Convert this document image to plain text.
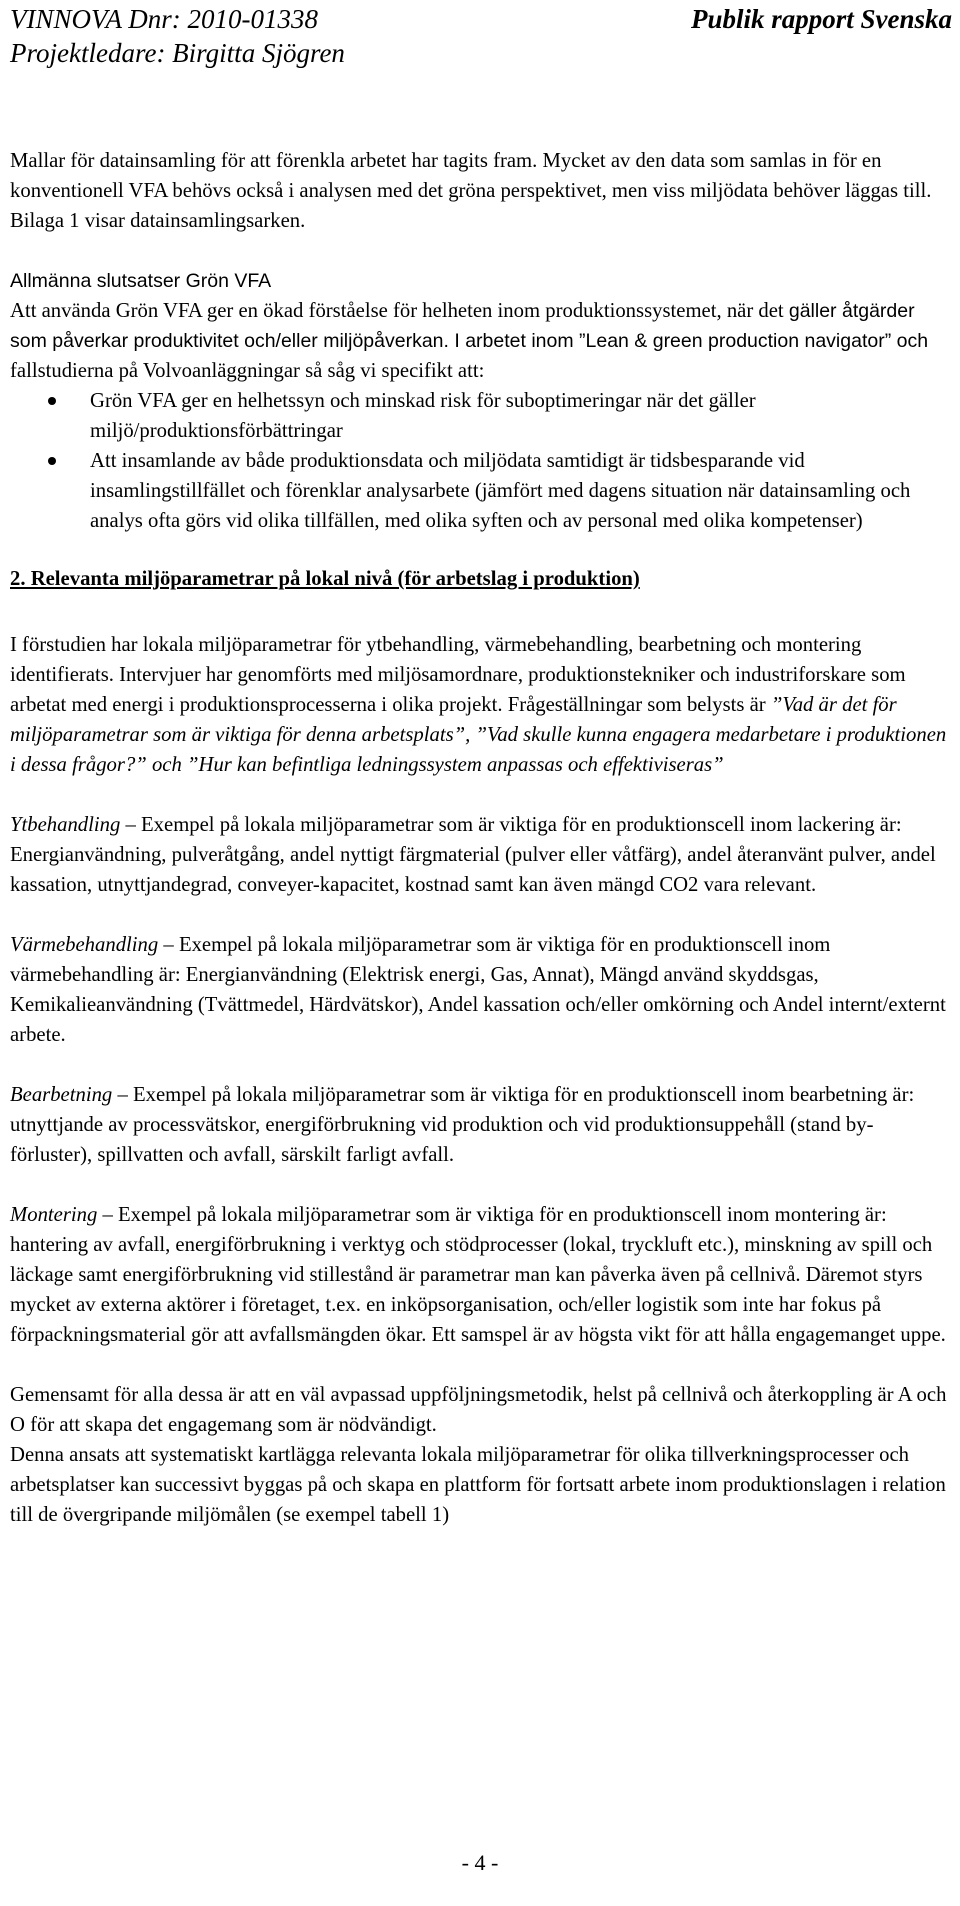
VINNOVA Dnr: 2010-01338
Projektledare: Birgitta Sjögren
Publik rapport Svenska

Mallar för datainsamling för att förenkla arbetet har tagits fram. Mycket av den data som samlas in för en konventionell VFA behövs också i analysen med det gröna perspektivet, men viss miljödata behöver läggas till. Bilaga 1 visar datainsamlingsarken.

Allmänna slutsatser Grön VFA

Att använda Grön VFA ger en ökad förståelse för helheten inom produktionssystemet, när det gäller åtgärder som påverkar produktivitet och/eller miljöpåverkan. I arbetet inom ”Lean & green production navigator” och fallstudierna på Volvoanläggningar så såg vi specifikt att:

Grön VFA ger en helhetssyn och minskad risk för suboptimeringar när det gäller miljö/produktionsförbättringar
Att insamlande av både produktionsdata och miljödata samtidigt är tidsbesparande vid insamlingstillfället och förenklar analysarbete (jämfört med dagens situation när datainsamling och analys ofta görs vid olika tillfällen, med olika syften och av personal med olika kompetenser)

2. Relevanta miljöparametrar på lokal nivå (för arbetslag i produktion)

I förstudien har lokala miljöparametrar för ytbehandling, värmebehandling, bearbetning och montering identifierats. Intervjuer har genomförts med miljösamordnare, produktionstekniker och industriforskare som arbetat med energi i produktionsprocesserna i olika projekt. Frågeställningar som belysts är ”Vad är det för miljöparametrar som är viktiga för denna arbetsplats”, ”Vad skulle kunna engagera medarbetare i produktionen i dessa frågor?” och ”Hur kan befintliga ledningssystem anpassas och effektiviseras”

Ytbehandling – Exempel på lokala miljöparametrar som är viktiga för en produktionscell inom lackering är: Energianvändning, pulveråtgång, andel nyttigt färgmaterial (pulver eller våtfärg), andel återanvänt pulver, andel kassation, utnyttjandegrad, conveyer-kapacitet, kostnad samt kan även mängd CO2 vara relevant.

Värmebehandling – Exempel på lokala miljöparametrar som är viktiga för en produktionscell inom värmebehandling är: Energianvändning (Elektrisk energi, Gas, Annat), Mängd använd skyddsgas, Kemikalieanvändning (Tvättmedel, Härdvätskor), Andel kassation och/eller omkörning och Andel internt/externt arbete.

Bearbetning – Exempel på lokala miljöparametrar som är viktiga för en produktionscell inom bearbetning är: utnyttjande av processvätskor, energiförbrukning vid produktion och vid produktionsuppehåll (stand by-förluster), spillvatten och avfall, särskilt farligt avfall.

Montering – Exempel på lokala miljöparametrar som är viktiga för en produktionscell inom montering är: hantering av avfall, energiförbrukning i verktyg och stödprocesser (lokal, tryckluft etc.), minskning av spill och läckage samt energiförbrukning vid stillestånd är parametrar man kan påverka även på cellnivå. Däremot styrs mycket av externa aktörer i företaget, t.ex. en inköpsorganisation, och/eller logistik som inte har fokus på förpackningsmaterial gör att avfallsmängden ökar. Ett samspel är av högsta vikt för att hålla engagemanget uppe.

Gemensamt för alla dessa är att en väl avpassad uppföljningsmetodik, helst på cellnivå och återkoppling är A och O för att skapa det engagemang som är nödvändigt.

Denna ansats att systematiskt kartlägga relevanta lokala miljöparametrar för olika tillverkningsprocesser och arbetsplatser kan successivt byggas på och skapa en plattform för fortsatt arbete inom produktionslagen i relation till de övergripande miljömålen (se exempel tabell 1)

- 4 -
